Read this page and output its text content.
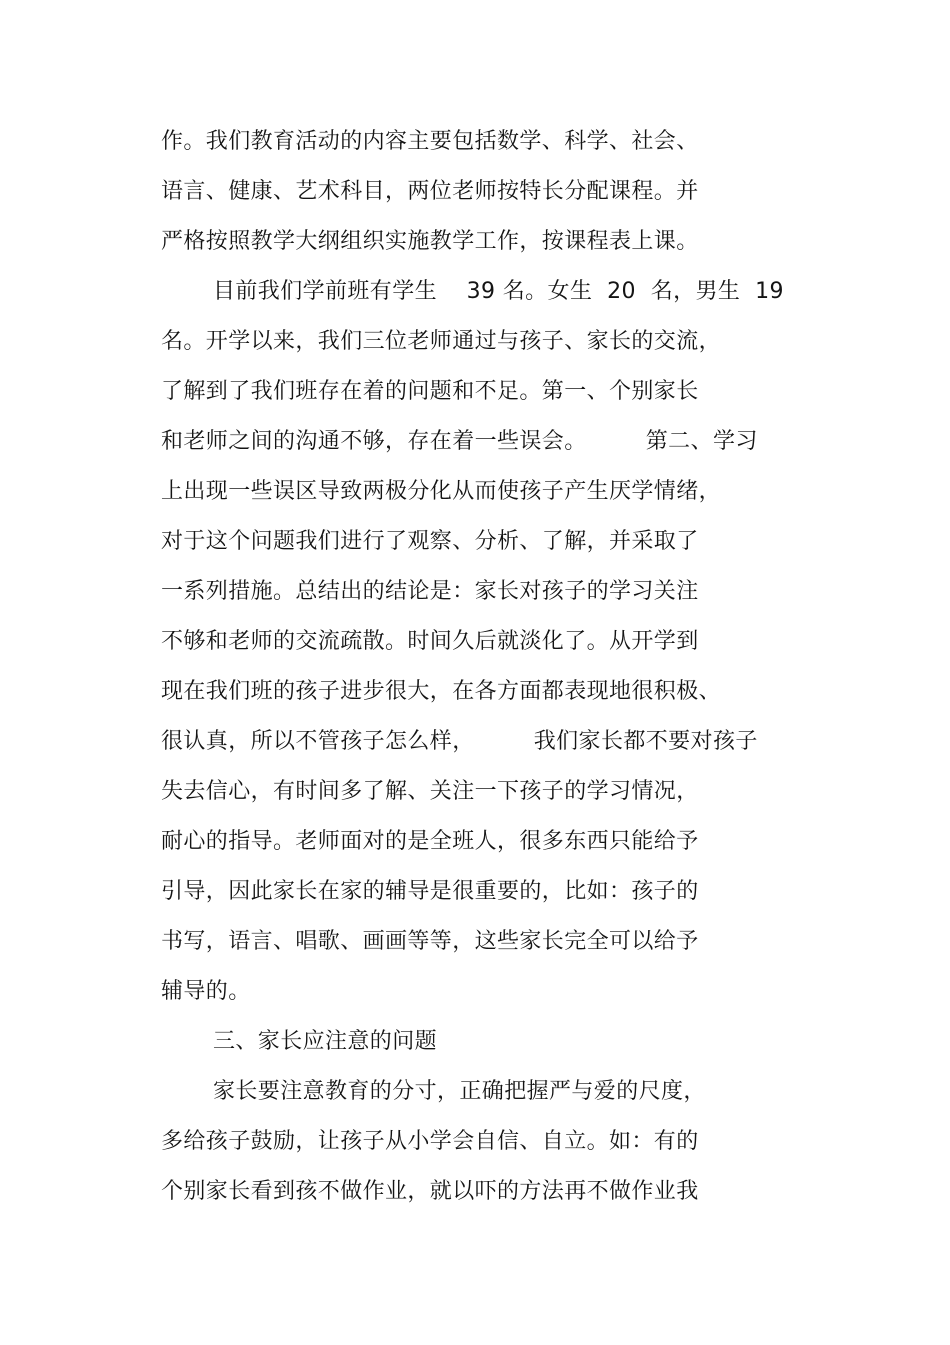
作。我们教育活动的内容主要包括数学、科学、社会、
语言、健康、艺术科目，两位老师按特长分配课程。并
严格按照教学大纲组织实施教学工作，按课程表上课。
目前我们学前班有学生    39 名。女生  20  名，男生  19
名。开学以来，我们三位老师通过与孩子、家长的交流，
了解到了我们班存在着的问题和不足。第一、个别家长
和老师之间的沟通不够，存在着一些误会。        第二、学习
上出现一些误区导致两极分化从而使孩子产生厌学情绪，
对于这个问题我们进行了观察、分析、了解，并采取了
一系列措施。总结出的结论是：家长对孩子的学习关注
不够和老师的交流疏散。时间久后就淡化了。从开学到
现在我们班的孩子进步很大，在各方面都表现地很积极、
很认真，所以不管孩子怎么样，        我们家长都不要对孩子
失去信心，有时间多了解、关注一下孩子的学习情况，
耐心的指导。老师面对的是全班人，很多东西只能给予
引导，因此家长在家的辅导是很重要的，比如：孩子的
书写，语言、唱歌、画画等等，这些家长完全可以给予
辅导的。
三、家长应注意的问题
家长要注意教育的分寸，正确把握严与爱的尺度，
多给孩子鼓励，让孩子从小学会自信、自立。如：有的
个别家长看到孩不做作业，就以吓的方法再不做作业我
